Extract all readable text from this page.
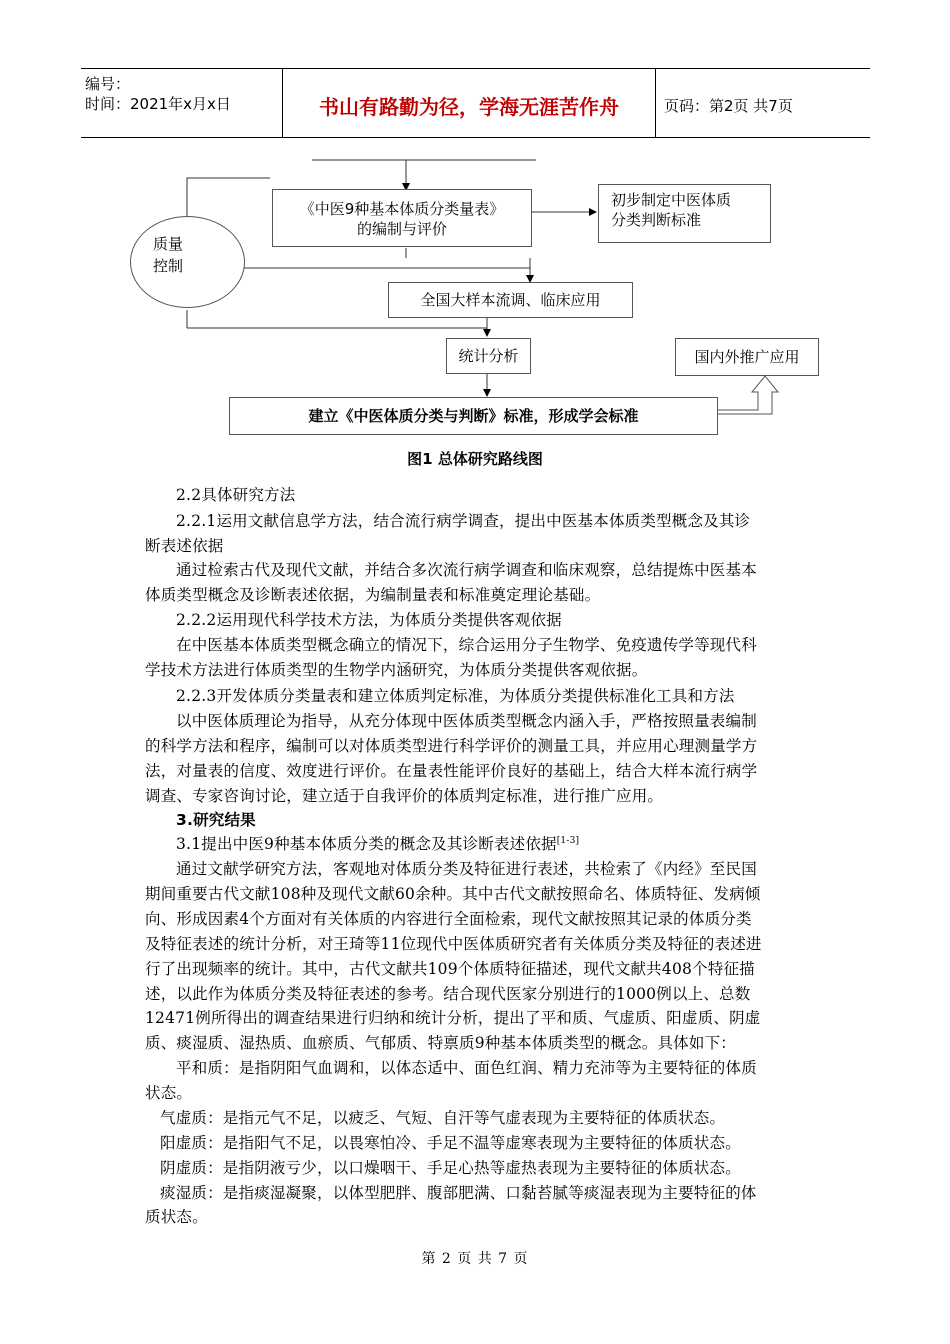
编号：
时间：2021年x月x日	书山有路勤为径，学海无涯苦作舟	页码：第2页 共7页
《中医9种基本体质分类量表》
的编制与评价
初步制定中医体质
分类判断标准
质量
控制
全国大样本流调、临床应用
统计分析	国内外推广应用
建立《中医体质分类与判断》标准，形成学会标准
图1 总体研究路线图
2.2具体研究方法
2.2.1运用文献信息学方法，结合流行病学调查，提出中医基本体质类型概念及其诊
断表述依据
通过检索古代及现代文献，并结合多次流行病学调查和临床观察，总结提炼中医基本
体质类型概念及诊断表述依据，为编制量表和标准奠定理论基础。
2.2.2运用现代科学技术方法，为体质分类提供客观依据
在中医基本体质类型概念确立的情况下，综合运用分子生物学、免疫遗传学等现代科
学技术方法进行体质类型的生物学内涵研究，为体质分类提供客观依据。
2.2.3开发体质分类量表和建立体质判定标准，为体质分类提供标准化工具和方法
以中医体质理论为指导，从充分体现中医体质类型概念内涵入手，严格按照量表编制
的科学方法和程序，编制可以对体质类型进行科学评价的测量工具，并应用心理测量学方
法，对量表的信度、效度进行评价。在量表性能评价良好的基础上，结合大样本流行病学
调查、专家咨询讨论，建立适于自我评价的体质判定标准，进行推广应用。
3.研究结果
3.1提出中医9种基本体质分类的概念及其诊断表述依据[1-3]
通过文献学研究方法，客观地对体质分类及特征进行表述，共检索了《内经》至民国
期间重要古代文献108种及现代文献60余种。其中古代文献按照命名、体质特征、发病倾
向、形成因素4个方面对有关体质的内容进行全面检索，现代文献按照其记录的体质分类
及特征表述的统计分析，对王琦等11位现代中医体质研究者有关体质分类及特征的表述进
行了出现频率的统计。其中，古代文献共109个体质特征描述，现代文献共408个特征描
述，以此作为体质分类及特征表述的参考。结合现代医家分别进行的1000例以上、总数
12471例所得出的调查结果进行归纳和统计分析，提出了平和质、气虚质、阳虚质、阴虚
质、痰湿质、湿热质、血瘀质、气郁质、特禀质9种基本体质类型的概念。具体如下：
平和质：是指阴阳气血调和，以体态适中、面色红润、精力充沛等为主要特征的体质
状态。
气虚质：是指元气不足，以疲乏、气短、自汗等气虚表现为主要特征的体质状态。
阳虚质：是指阳气不足，以畏寒怕冷、手足不温等虚寒表现为主要特征的体质状态。
阴虚质：是指阴液亏少，以口燥咽干、手足心热等虚热表现为主要特征的体质状态。
痰湿质：是指痰湿凝聚，以体型肥胖、腹部肥满、口黏苔腻等痰湿表现为主要特征的体
质状态。
第 2 页 共 7 页
